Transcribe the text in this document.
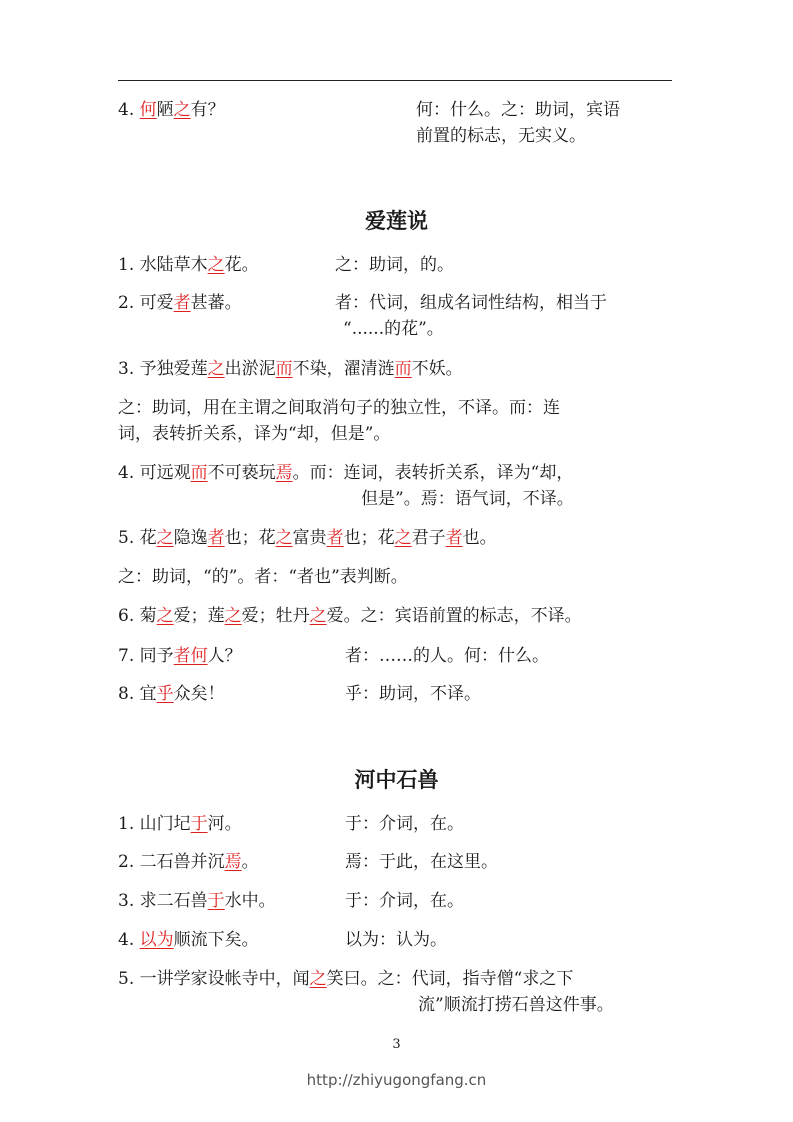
4. 何陋之有？	何：什么。之：助词，宾语
前置的标志，无实义。
爱莲说
1. 水陆草木之花。	之：助词，的。
2. 可爱者甚蕃。	者：代词，组成名词性结构，相当于
“......的花”。
3. 予独爱莲之出淤泥而不染，濯清涟而不妖。
之：助词，用在主谓之间取消句子的独立性，不译。而：连
词，表转折关系，译为“却，但是”。
4. 可远观而不可亵玩焉。而：连词，表转折关系，译为“却，
但是”。焉：语气词，不译。
5. 花之隐逸者也；花之富贵者也；花之君子者也。
之：助词，“的”。者：“者也”表判断。
6. 菊之爱；莲之爱；牡丹之爱。之：宾语前置的标志，不译。
7. 同予者何人？	者：……的人。何：什么。
8. 宜乎众矣！	乎：助词，不译。
河中石兽
1. 山门圮于河。	于：介词，在。
2. 二石兽并沉焉。	焉：于此，在这里。
3. 求二石兽于水中。	于：介词，在。
4. 以为顺流下矣。	以为：认为。
5. 一讲学家设帐寺中，闻之笑曰。之：代词，指寺僧“求之下
流”顺流打捞石兽这件事。
3
http://zhiyugongfang.cn
